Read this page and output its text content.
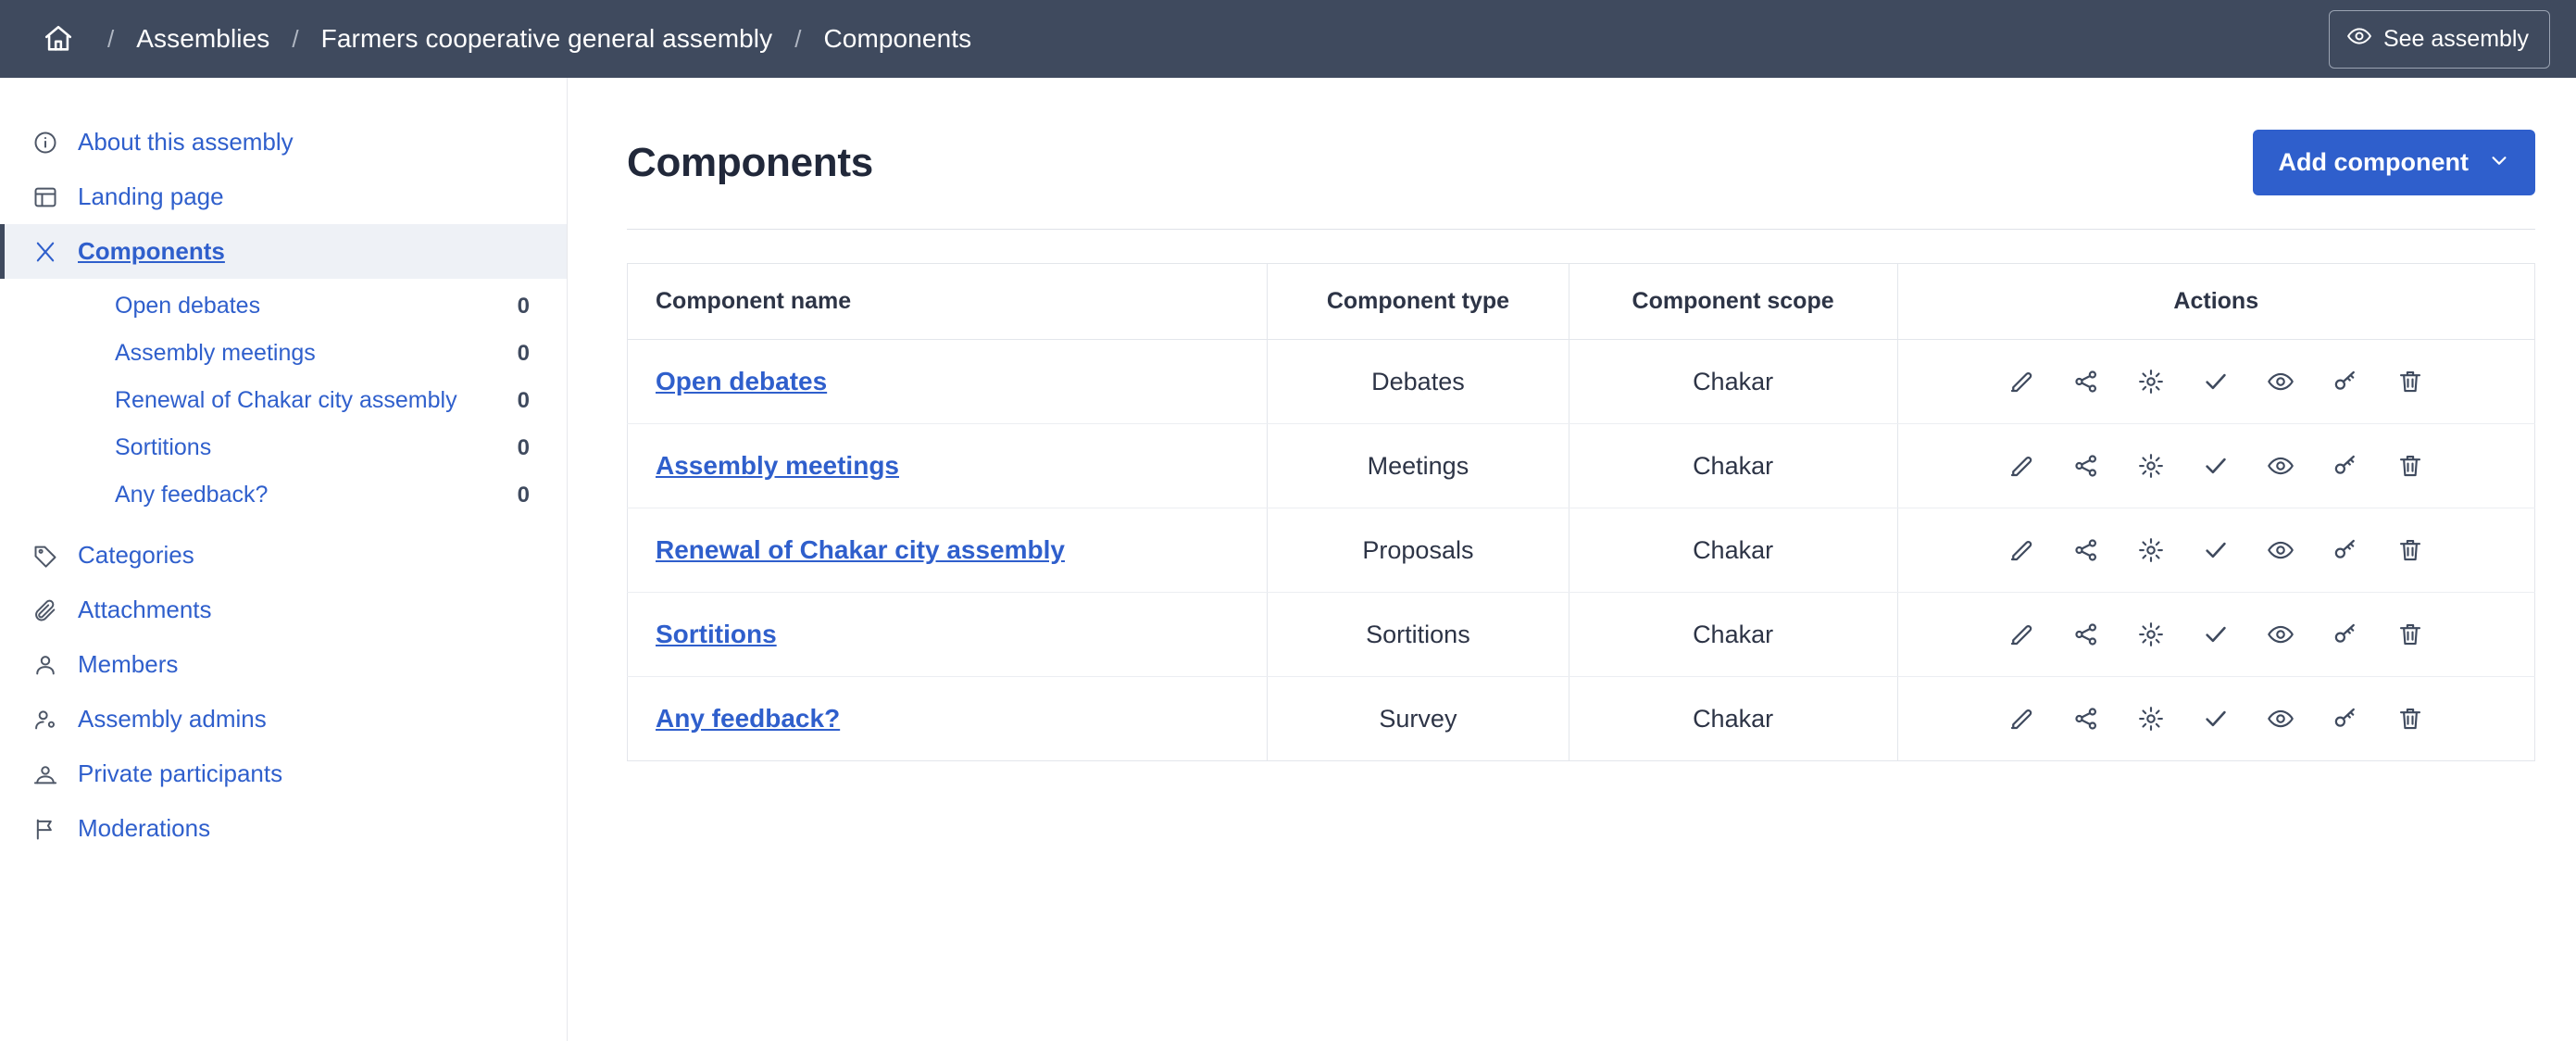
/ Assemblies / Farmers cooperative general assembly / Components	See assembly
About this assembly
Landing page
Components
Open debates	0
Assembly meetings	0
Renewal of Chakar city assembly	0
Sortitions	0
Any feedback?	0
Categories
Attachments
Members
Assembly admins
Private participants
Moderations
Components	Add component
Component name	Component type	Component scope	Actions
Open debates	Debates	Chakar	

Assembly meetings	Meetings	Chakar	

Renewal of Chakar city assembly	Proposals	Chakar	

Sortitions	Sortitions	Chakar	

Any feedback?	Survey	Chakar	
